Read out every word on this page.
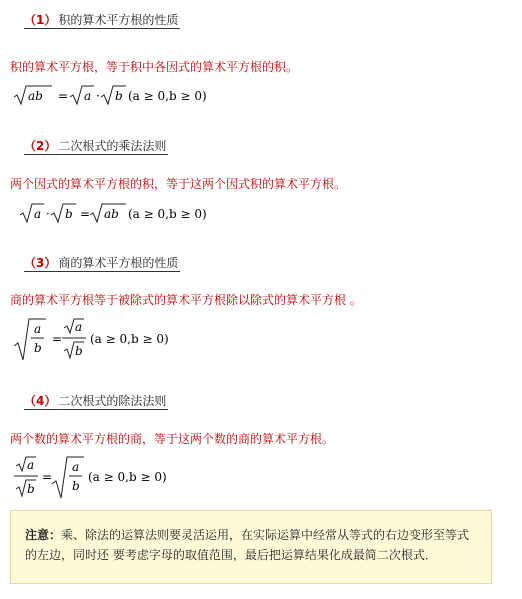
（1） 积的算术平方根的性质
积的算术平方根，等于积中各因式的算术平方根的积。
ab = a · b (a ≥ 0,b ≥ 0)
（2） 二次根式的乘法法则
两个因式的算术平方根的积，等于这两个因式积的算术平方根。
a · b = ab (a ≥ 0,b ≥ 0)
（3） 商的算术平方根的性质
商的算术平方根等于被除式的算术平方根除以除式的算术平方根 。
a
b
=
a
b
(a ≥ 0,b ≥ 0)
（4） 二次根式的除法法则
两个数的算术平方根的商，等于这两个数的商的算术平方根。
a
b
=
a
b
(a ≥ 0,b ≥ 0)
注意：乘、除法的运算法则要灵活运用，在实际运算中经常从等式的右边变形至等式的左边，同时还 要考虑字母的取值范围，最后把运算结果化成最简二次根式．
